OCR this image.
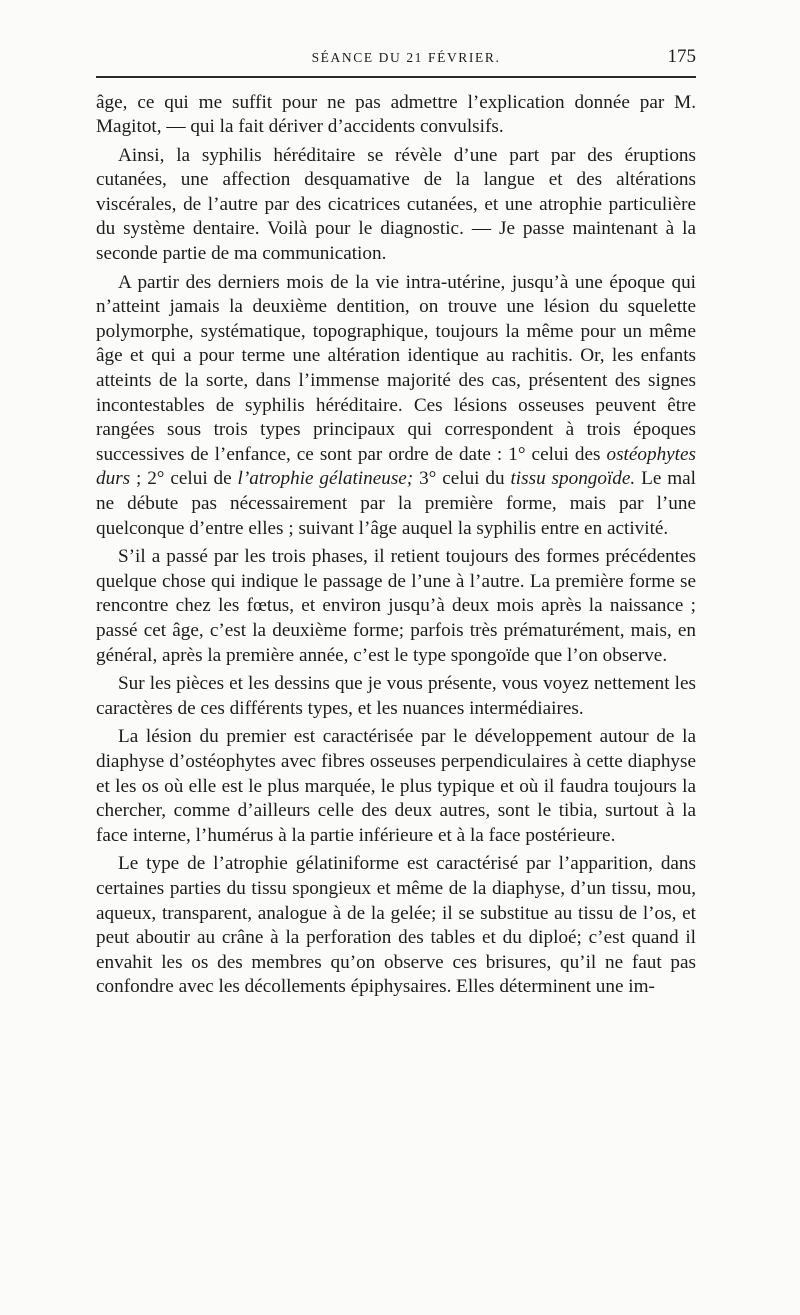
SÉANCE DU 21 FÉVRIER.	175

âge, ce qui me suffit pour ne pas admettre l’explication donnée par M. Magitot, — qui la fait dériver d’accidents convulsifs.

Ainsi, la syphilis héréditaire se révèle d’une part par des éruptions cutanées, une affection desquamative de la langue et des altérations viscérales, de l’autre par des cicatrices cutanées, et une atrophie particulière du système dentaire. Voilà pour le diagnostic. — Je passe maintenant à la seconde partie de ma communication.

A partir des derniers mois de la vie intra-utérine, jusqu’à une époque qui n’atteint jamais la deuxième dentition, on trouve une lésion du squelette polymorphe, systématique, topographique, toujours la même pour un même âge et qui a pour terme une altération identique au rachitis. Or, les enfants atteints de la sorte, dans l’immense majorité des cas, présentent des signes incontestables de syphilis héréditaire. Ces lésions osseuses peuvent être rangées sous trois types principaux qui correspondent à trois époques successives de l’enfance, ce sont par ordre de date : 1° celui des ostéophytes durs ; 2° celui de l’atrophie gélatineuse; 3° celui du tissu spongoïde. Le mal ne débute pas nécessairement par la première forme, mais par l’une quelconque d’entre elles ; suivant l’âge auquel la syphilis entre en activité.

S’il a passé par les trois phases, il retient toujours des formes précédentes quelque chose qui indique le passage de l’une à l’autre. La première forme se rencontre chez les fœtus, et environ jusqu’à deux mois après la naissance ; passé cet âge, c’est la deuxième forme; parfois très prématurément, mais, en général, après la première année, c’est le type spongoïde que l’on observe.

Sur les pièces et les dessins que je vous présente, vous voyez nettement les caractères de ces différents types, et les nuances intermédiaires.

La lésion du premier est caractérisée par le développement autour de la diaphyse d’ostéophytes avec fibres osseuses perpendiculaires à cette diaphyse et les os où elle est le plus marquée, le plus typique et où il faudra toujours la chercher, comme d’ailleurs celle des deux autres, sont le tibia, surtout à la face interne, l’humérus à la partie inférieure et à la face postérieure.

Le type de l’atrophie gélatiniforme est caractérisé par l’apparition, dans certaines parties du tissu spongieux et même de la diaphyse, d’un tissu, mou, aqueux, transparent, analogue à de la gelée; il se substitue au tissu de l’os, et peut aboutir au crâne à la perforation des tables et du diploé; c’est quand il envahit les os des membres qu’on observe ces brisures, qu’il ne faut pas confondre avec les décollements épiphysaires. Elles déterminent une im-
